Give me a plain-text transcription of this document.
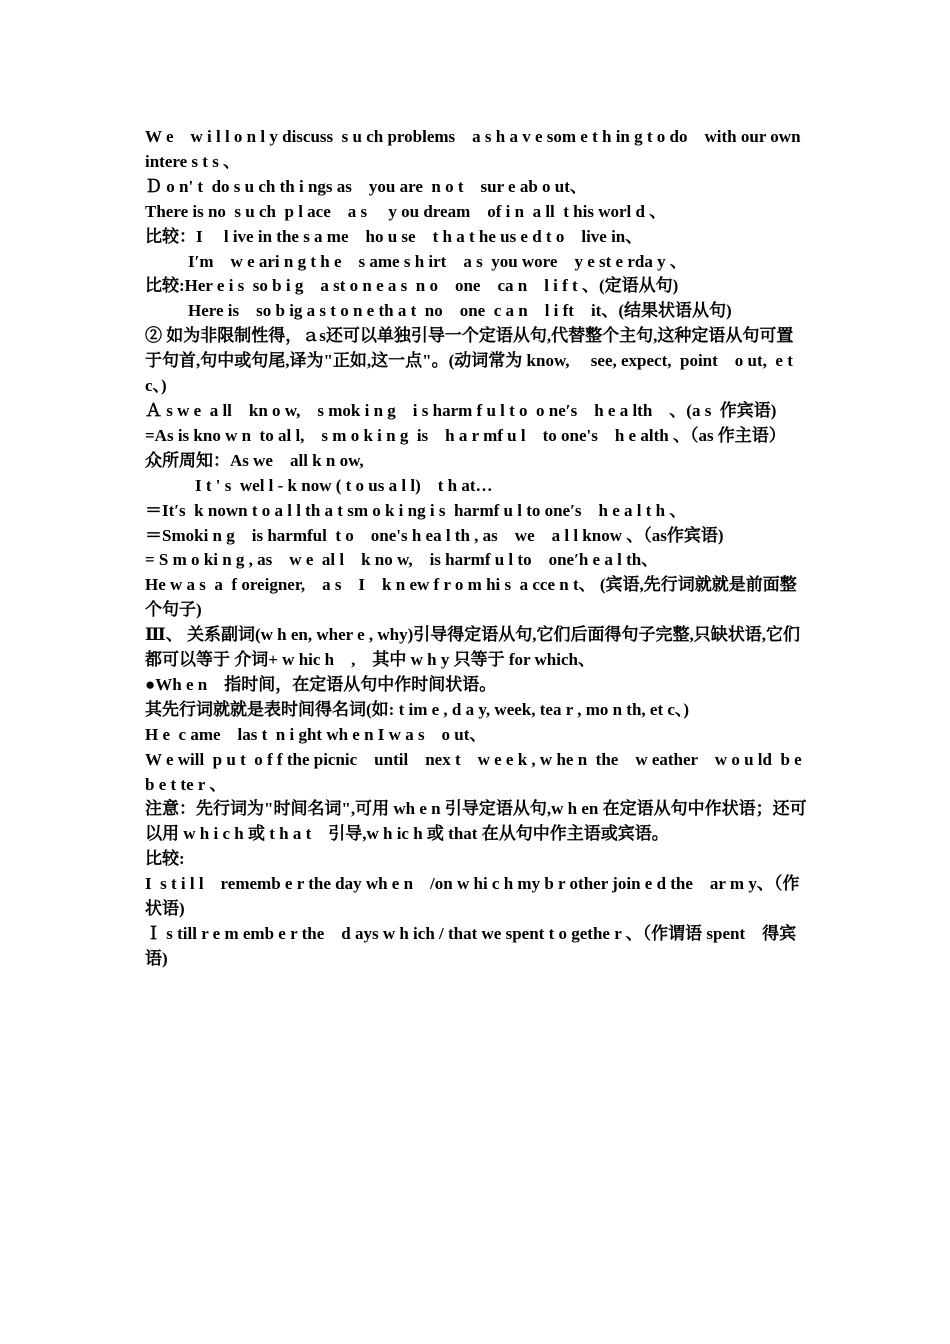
W e　w i l l o n l y discuss  s u ch problems　a s h a v e som e t h in g t o do　with our own intere s t s 、

Ｄ o n' t  do s u ch th i ngs as　you are  n o t　sur e ab o ut、

There is no  s u ch  p l ace　a s　 y ou dream　of i n  a ll  t his worl d 、

比较：I　 l ive in the s a me　ho u se　t h a t he us e d t o　live in、

I′m　w e ari n g t h e　s ame s h irt　a s  you wore　y e st e rda y 、

比较:Her e i s  so b i g　a st o n e a s  n o　one　ca n　l i f t 、(定语从句)

Here is　so b ig a s t o n e th a t  no　one  c a n　l i ft　it、(结果状语从句)

② 如为非限制性得，ａs还可以单独引导一个定语从句,代替整个主句,这种定语从句可置于句首,句中或句尾,译为"正如,这一点"。(动词常为 know,　 see, expect,  point　o ut,  e t c、)

Ａ s w e  a ll　kn o w,　s mok i n g　i s harm f u l t o  o ne′s　h e a lth　、(a s  作宾语)

=As is kno w n  to al l,　s m o k i n g  is　h a r mf u l　to one's　h e alth 、（as 作主语）

众所周知：As we　all k n ow,

I t ' s  wel l - k now ( t o us a l l)　t h at…

＝It′s  k nown t o a l l th a t sm o k i ng i s  harmf u l to one′s　h e a l t h 、

＝Smoki n g　is harmful  t o　one's h ea l th , as　we　a l l know 、（as作宾语)

= S m o ki n g , as　w e  al l　k no w,　is harmf u l to　one′h e a l th、

He w a s  a  f oreigner,　a s　I　k n ew f r o m hi s  a cce n t、 (宾语,先行词就就是前面整个句子)

Ⅲ、 关系副词(w h en, wher e , why)引导得定语从句,它们后面得句子完整,只缺状语,它们都可以等于 介词+ w hic h　,　其中 w h y 只等于 for which、

●Wh e n　指时间，在定语从句中作时间状语。

其先行词就就是表时间得名词(如: t im e , d a y, week, tea r , mo n th, et c、)

H e  c ame　las t  n i ght wh e n I w a s　o ut、

W e will  p u t  o f f the picnic　until　nex t　w e e k , w he n  the　w eather　w o u ld  b e b e t te r 、

注意：先行词为"时间名词",可用 wh e n 引导定语从句,w h en 在定语从句中作状语；还可以用 w h i c h 或 t h a t　引导,w h ic h 或 that 在从句中作主语或宾语。

比较:

I  s t i l l　rememb e r the day wh e n　/on w hi c h my b r other join e d the　ar m y、（作状语)

Ｉ s till r e m emb e r the　d ays w h ich / that we spent t o gethe r 、（作谓语 spent　得宾语)
